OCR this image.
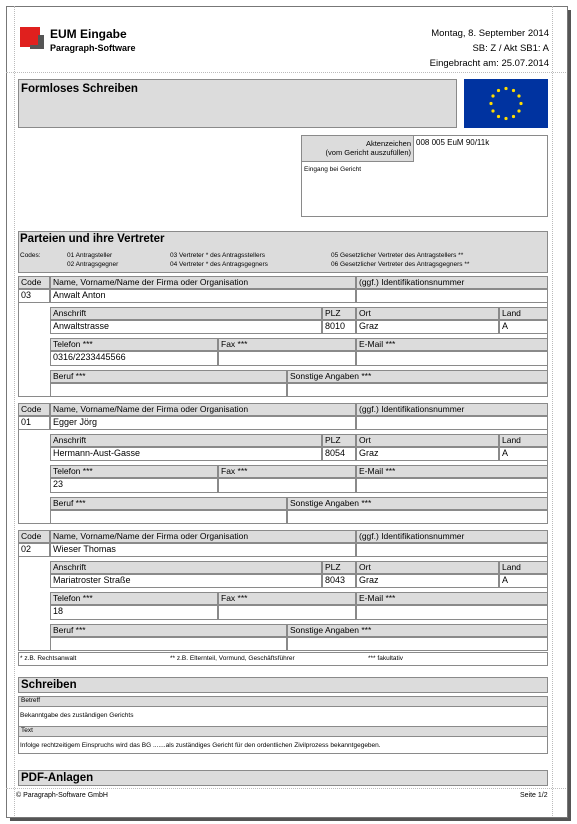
EUM Eingabe
Paragraph-Software
Montag, 8. September 2014
SB: Z / Akt SB1: A
Eingebracht am: 25.07.2014
Formloses Schreiben
Aktenzeichen
(vom Gericht auszufüllen)
008 005 EuM 90/11k
Eingang bei Gericht
Parteien und ihre Vertreter
Codes:	01 Antragsteller
02 Antragsgegner
03 Vertreter * des Antragsstellers
04 Vertreter * des Antragsgegners
05 Gesetzlicher Vertreter des Antragstellers **
06 Gesetzlicher Vertreter des Antragsgegners **
Code	Name, Vorname/Name der Firma oder Organisation	(ggf.) Identifikationsnummer
03	Anwalt Anton
Anschrift	PLZ	Ort	Land
Anwaltstrasse	8010	Graz	A
Telefon ***	Fax ***	E-Mail ***
0316/2233445566
Beruf ***	Sonstige Angaben ***
Code	Name, Vorname/Name der Firma oder Organisation	(ggf.) Identifikationsnummer
01	Egger Jörg
Anschrift	PLZ	Ort	Land
Hermann-Aust-Gasse	8054	Graz	A
Telefon ***	Fax ***	E-Mail ***
23
Beruf ***	Sonstige Angaben ***
Code	Name, Vorname/Name der Firma oder Organisation	(ggf.) Identifikationsnummer
02	Wieser Thomas
Anschrift	PLZ	Ort	Land
Mariatroster Straße	8043	Graz	A
Telefon ***	Fax ***	E-Mail ***
18
Beruf ***	Sonstige Angaben ***
* z.B. Rechtsanwalt	** z.B. Elternteil, Vormund, Geschäftsführer	*** fakultativ
Schreiben
Betreff
Bekanntgabe des zuständigen Gerichts
Text
Infolge rechtzeitigem Einspruchs wird das BG .......als zuständiges Gericht für den ordentlichen Zivilprozess bekanntgegeben.
PDF-Anlagen
© Paragraph-Software GmbH	Seite 1/2
